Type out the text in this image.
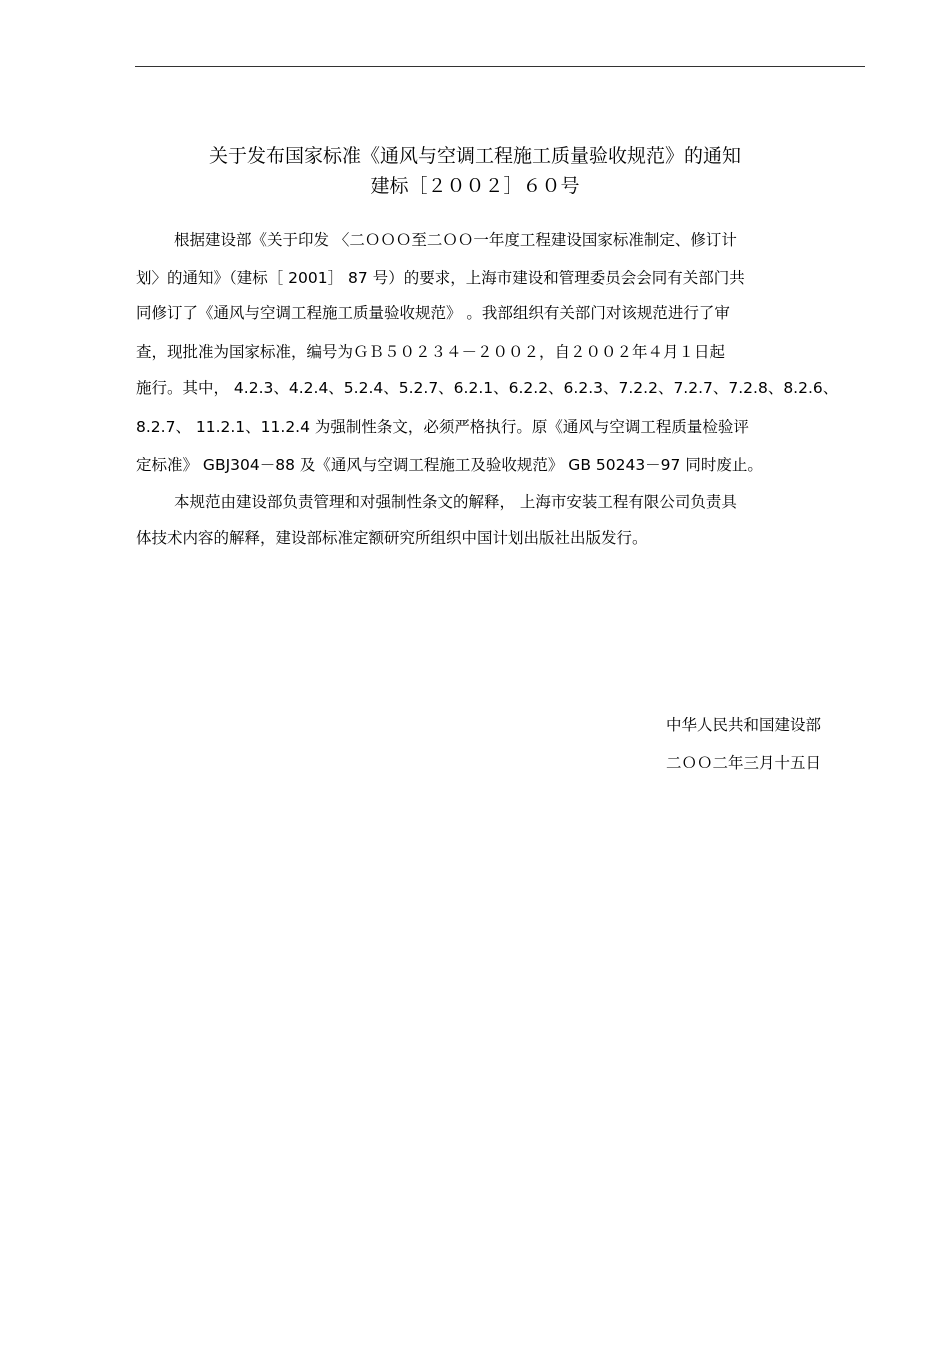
关于发布国家标准《通风与空调工程施工质量验收规范》的通知
建标［２００２］６０号
根据建设部《关于印发 〈二ＯＯＯ至二ＯＯ一年度工程建设国家标准制定、修订计
划〉的通知》（建标［ 2001］ 87 号）的要求，上海市建设和管理委员会会同有关部门共
同修订了《通风与空调工程施工质量验收规范》 。我部组织有关部门对该规范进行了审
查，现批准为国家标准，编号为ＧＢ５０２３４－２００２，自２００２年４月１日起
施行。其中， 4.2.3、4.2.4、5.2.4、5.2.7、6.2.1、6.2.2、6.2.3、7.2.2、7.2.7、7.2.8、8.2.6、
8.2.7、 11.2.1、11.2.4 为强制性条文，必须严格执行。原《通风与空调工程质量检验评
定标准》 GBJ304－88 及《通风与空调工程施工及验收规范》 GB 50243－97 同时废止。
本规范由建设部负责管理和对强制性条文的解释， 上海市安装工程有限公司负责具
体技术内容的解释，建设部标准定额研究所组织中国计划出版社出版发行。
中华人民共和国建设部
二ＯＯ二年三月十五日
